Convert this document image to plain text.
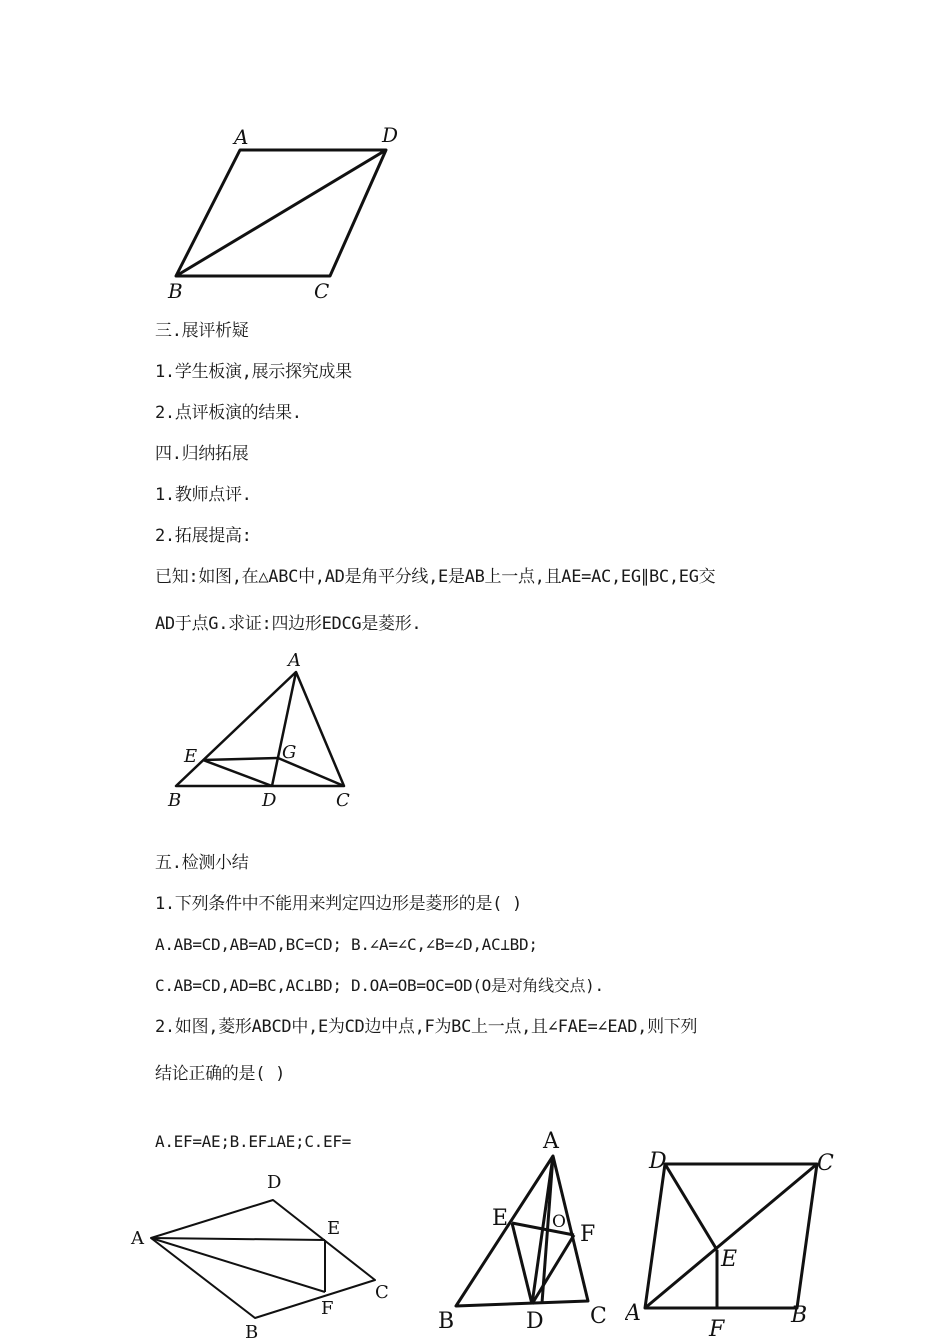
A	D
B	C
三.展评析疑
1.学生板演,展示探究成果
2.点评板演的结果.
四.归纳拓展
1.教师点评.
2.拓展提高:
已知:如图,在△ABC中,AD是角平分线,E是AB上一点,且AE=AC,EG∥BC,EG交
AD于点G.求证:四边形EDCG是菱形.
A
E	G
B	D	C
五.检测小结
1.下列条件中不能用来判定四边形是菱形的是( )
A.AB=CD,AB=AD,BC=CD; B.∠A=∠C,∠B=∠D,AC⊥BD;
C.AB=CD,AD=BC,AC⊥BD; D.OA=OB=OC=OD(O是对角线交点).
2.如图,菱形ABCD中,E为CD边中点,F为BC上一点,且∠FAE=∠EAD,则下列
结论正确的是( )
A.EF=AE;B.EF⊥AE;C.EF=
D
A	E
C
F
B
A
E	O F
B	D C
D	C
E
A	B
F
